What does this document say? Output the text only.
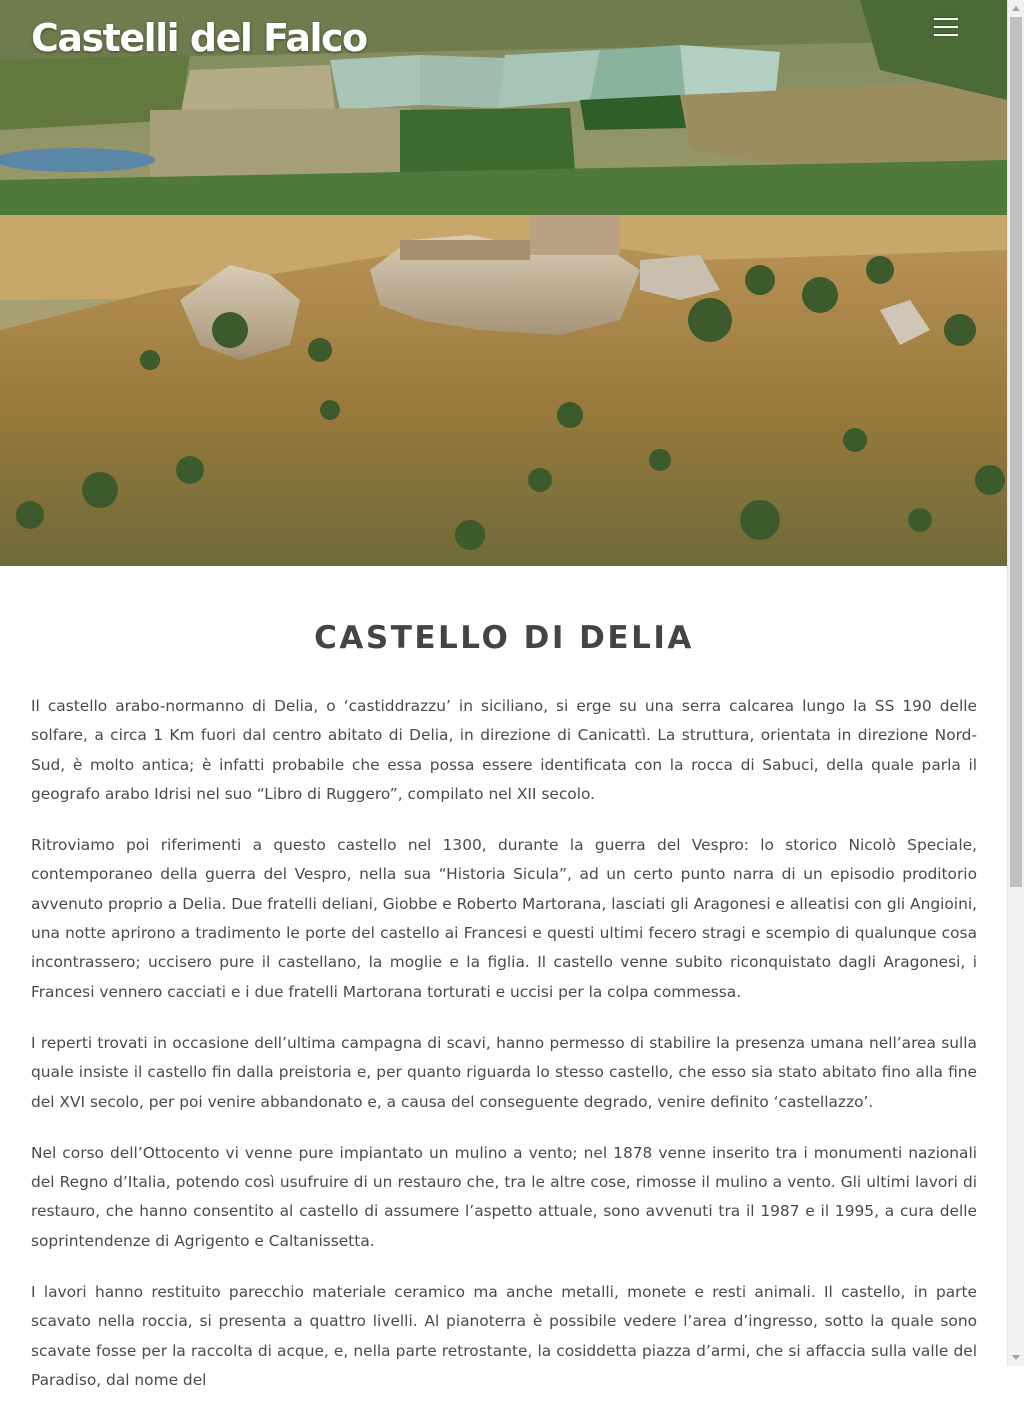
Castelli del Falco
CASTELLO DI DELIA

Il castello arabo-normanno di Delia, o ‘castiddrazzu’ in siciliano, si erge su una serra calcarea lungo la SS 190 delle solfare, a circa 1 Km fuori dal centro abitato di Delia, in direzione di Canicattì. La struttura, orientata in direzione Nord-Sud, è molto antica; è infatti probabile che essa possa essere identificata con la rocca di Sabuci, della quale parla il geografo arabo Idrisi nel suo “Libro di Ruggero”, compilato nel XII secolo.

Ritroviamo poi riferimenti a questo castello nel 1300, durante la guerra del Vespro: lo storico Nicolò Speciale, contemporaneo della guerra del Vespro, nella sua “Historia Sicula”, ad un certo punto narra di un episodio proditorio avvenuto proprio a Delia. Due fratelli deliani, Giobbe e Roberto Martorana, lasciati gli Aragonesi e alleatisi con gli Angioini, una notte aprirono a tradimento le porte del castello ai Francesi e questi ultimi fecero stragi e scempio di qualunque cosa incontrassero; uccisero pure il castellano, la moglie e la figlia. Il castello venne subito riconquistato dagli Aragonesi, i Francesi vennero cacciati e i due fratelli Martorana torturati e uccisi per la colpa commessa.

I reperti trovati in occasione dell’ultima campagna di scavi, hanno permesso di stabilire la presenza umana nell’area sulla quale insiste il castello fin dalla preistoria e, per quanto riguarda lo stesso castello, che esso sia stato abitato fino alla fine del XVI secolo, per poi venire abbandonato e, a causa del conseguente degrado, venire definito ‘castellazzo’.

Nel corso dell’Ottocento vi venne pure impiantato un mulino a vento; nel 1878 venne inserito tra i monumenti nazionali del Regno d’Italia, potendo così usufruire di un restauro che, tra le altre cose, rimosse il mulino a vento. Gli ultimi lavori di restauro, che hanno consentito al castello di assumere l’aspetto attuale, sono avvenuti tra il 1987 e il 1995, a cura delle soprintendenze di Agrigento e Caltanissetta.

I lavori hanno restituito parecchio materiale ceramico ma anche metalli, monete e resti animali. Il castello, in parte scavato nella roccia, si presenta a quattro livelli. Al pianoterra è possibile vedere l’area d’ingresso, sotto la quale sono scavate fosse per la raccolta di acque, e, nella parte retrostante, la cosiddetta piazza d’armi, che si affaccia sulla valle del Paradiso, dal nome del
